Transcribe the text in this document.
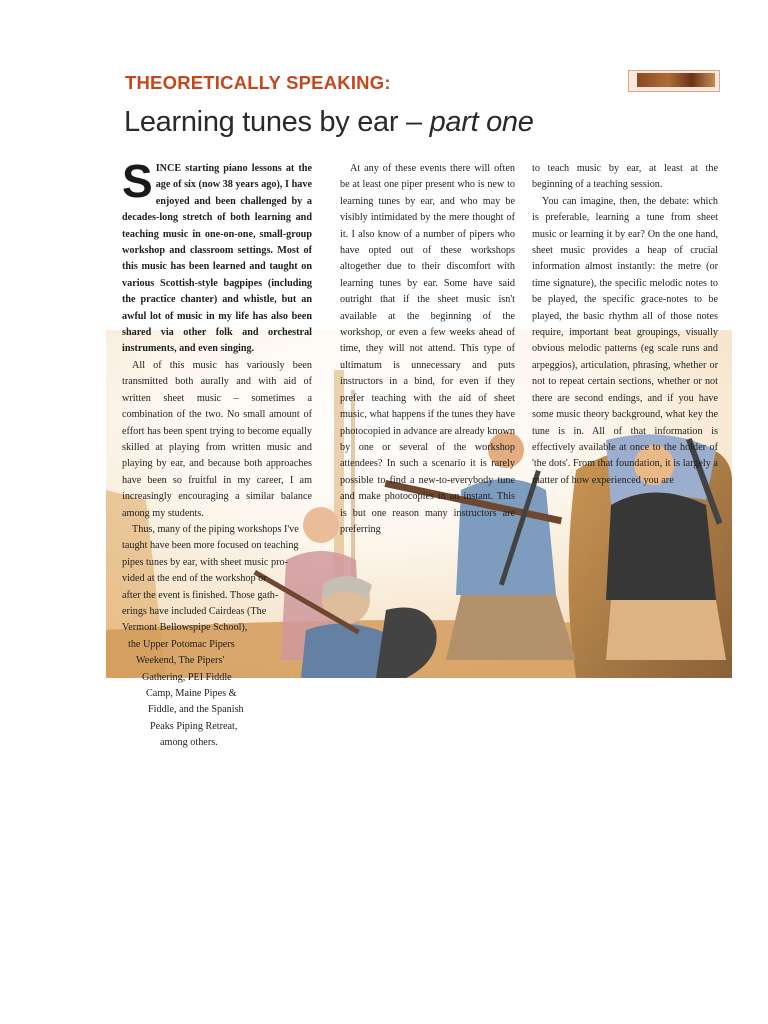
THEORETICALLY SPEAKING:
Learning tunes by ear – part one

SINCE starting piano lessons at the age of six (now 38 years ago), I have enjoyed and been challenged by a decades-long stretch of both learning and teaching music in one-on-one, small-group workshop and classroom settings. Most of this music has been learned and taught on various Scottish-style bagpipes (including the practice chanter) and whistle, but an awful lot of music in my life has also been shared via other folk and orchestral instruments, and even singing.

All of this music has variously been transmitted both aurally and with aid of written sheet music – sometimes a combination of the two. No small amount of effort has been spent trying to become equally skilled at playing from written music and playing by ear, and because both approaches have been so fruitful in my career, I am increasingly encouraging a similar balance among my students.

Thus, many of the piping workshops I've
taught have been more focused on teaching
pipes tunes by ear, with sheet music pro-
vided at the end of the workshop or
after the event is finished. Those gath-
erings have included Cairdeas (The
Vermont Bellowspipe School),
the Upper Potomac Pipers
Weekend, The Pipers'
Gathering, PEI Fiddle
Camp, Maine Pipes &
Fiddle, and the Spanish
Peaks Piping Retreat,
among others.

At any of these events there will often be at least one piper present who is new to learning tunes by ear, and who may be visibly intimidated by the mere thought of it. I also know of a number of pipers who have opted out of these workshops altogether due to their discomfort with learning tunes by ear. Some have said outright that if the sheet music isn't available at the beginning of the workshop, or even a few weeks ahead of time, they will not attend. This type of ultimatum is unnecessary and puts instructors in a bind, for even if they prefer teaching with the aid of sheet music, what happens if the tunes they have photocopied in advance are already known by one or several of the workshop attendees? In such a scenario it is rarely possible to find a new-to-everybody tune and make photocopies in an instant. This is but one reason many instructors are preferring

to teach music by ear, at least at the beginning of a teaching session.

You can imagine, then, the debate: which is preferable, learning a tune from sheet music or learning it by ear? On the one hand, sheet music provides a heap of crucial information almost instantly: the metre (or time signature), the specific melodic notes to be played, the specific grace-notes to be played, the basic rhythm all of those notes require, important beat groupings, visually obvious melodic patterns (eg scale runs and arpeggios), articulation, phrasing, whether or not to repeat certain sections, whether or not there are second endings, and if you have some music theory background, what key the tune is in. All of that information is effectively available at once to the holder of 'the dots'. From that foundation, it is largely a matter of how experienced you are
